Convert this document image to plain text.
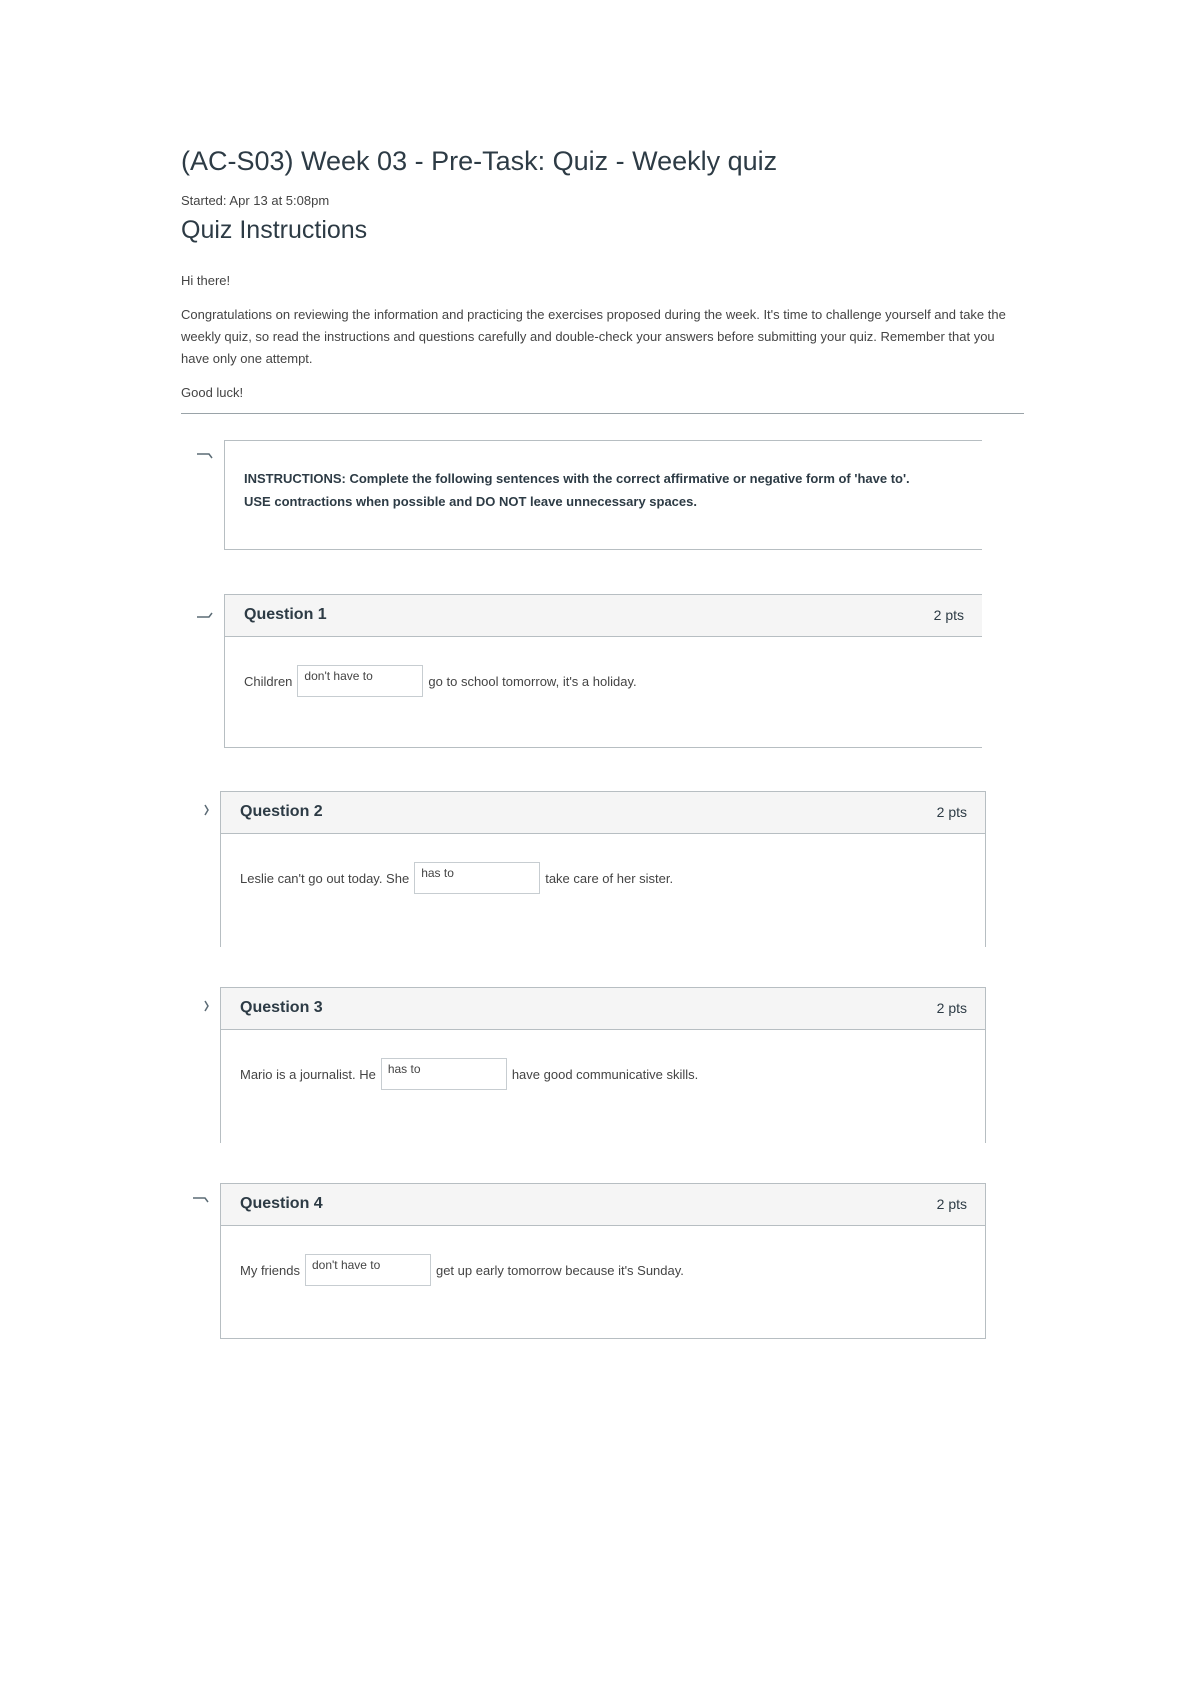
(AC-S03) Week 03 - Pre-Task: Quiz - Weekly quiz
Started: Apr 13 at 5:08pm
Quiz Instructions

Hi there!

Congratulations on reviewing the information and practicing the exercises proposed during the week. It's time to challenge yourself and take the weekly quiz, so read the instructions and questions carefully and double-check your answers before submitting your quiz. Remember that you have only one attempt.

Good luck!

INSTRUCTIONS: Complete the following sentences with the correct affirmative or negative form of 'have to'.
USE contractions when possible and DO NOT leave unnecessary spaces.
Question 1	2 pts
Children
don't have to	go to school tomorrow, it's a holiday.
Question 2	2 pts
Leslie can't go out today. She
has to	take care of her sister.
Question 3	2 pts
Mario is a journalist. He
has to	have good communicative skills.
Question 4	2 pts
My friends
don't have to	get up early tomorrow because it's Sunday.
